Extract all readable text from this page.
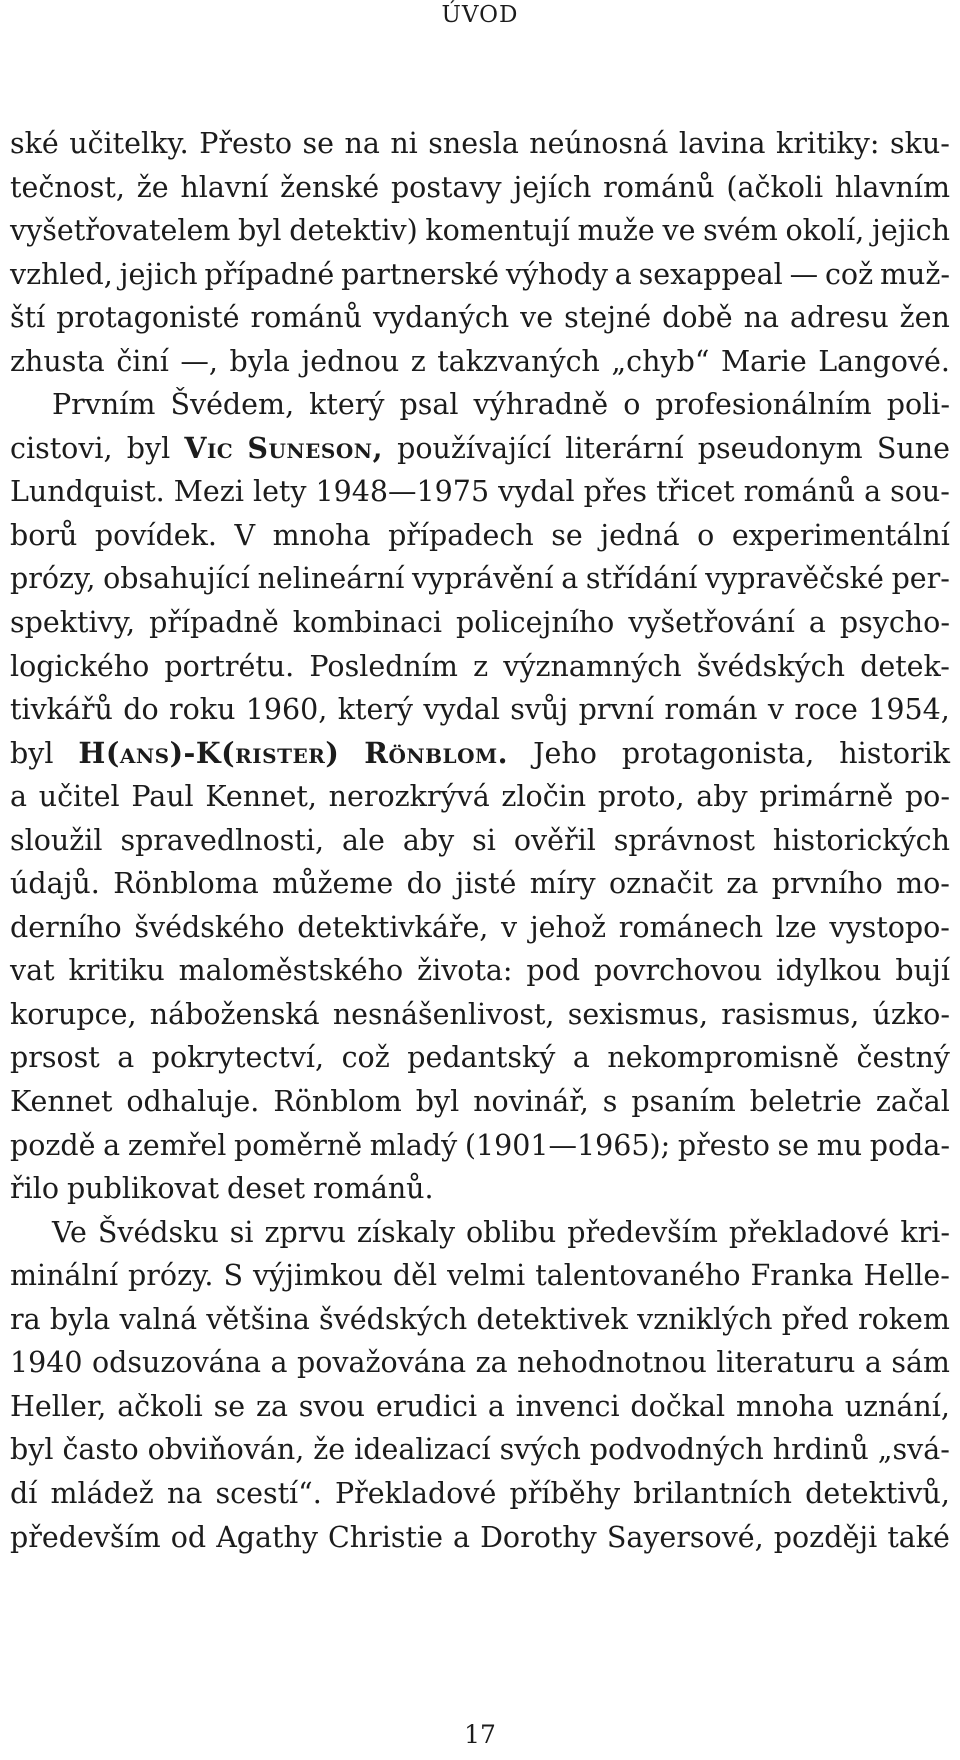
ÚVOD
ské učitelky. Přesto se na ni snesla neúnosná lavina kritiky: sku-
tečnost, že hlavní ženské postavy jejích románů (ačkoli hlavním
vyšetřovatelem byl detektiv) komentují muže ve svém okolí, jejich
vzhled, jejich případné partnerské výhody a sexappeal — což muž-
ští protagonisté románů vydaných ve stejné době na adresu žen
zhusta činí —, byla jednou z takzvaných „chyb“ Marie Langové.
Prvním Švédem, který psal výhradně o profesionálním poli-
cistovi, byl Vic Suneson, používající literární pseudonym Sune
Lundquist. Mezi lety 1948—1975 vydal přes třicet románů a sou-
borů povídek. V mnoha případech se jedná o experimentální
prózy, obsahující nelineární vyprávění a střídání vypravěčské per-
spektivy, případně kombinaci policejního vyšetřování a psycho-
logického portrétu. Posledním z významných švédských detek-
tivkářů do roku 1960, který vydal svůj první román v roce 1954,
byl H(ans)-K(rister) Rönblom. Jeho protagonista, historik
a učitel Paul Kennet, nerozkrývá zločin proto, aby primárně po-
sloužil spravedlnosti, ale aby si ověřil správnost historických
údajů. Rönbloma můžeme do jisté míry označit za prvního mo-
derního švédského detektivkáře, v jehož románech lze vystopo-
vat kritiku maloměstského života: pod povrchovou idylkou bují
korupce, náboženská nesnášenlivost, sexismus, rasismus, úzko-
prsost a pokrytectví, což pedantský a nekompromisně čestný
Kennet odhaluje. Rönblom byl novinář, s psaním beletrie začal
pozdě a zemřel poměrně mladý (1901—1965); přesto se mu poda-
řilo publikovat deset románů.
Ve Švédsku si zprvu získaly oblibu především překladové kri-
minální prózy. S výjimkou děl velmi talentovaného Franka Helle-
ra byla valná většina švédských detektivek vzniklých před rokem
1940 odsuzována a považována za nehodnotnou literaturu a sám
Heller, ačkoli se za svou erudici a invenci dočkal mnoha uznání,
byl často obviňován, že idealizací svých podvodných hrdinů „svá-
dí mládež na scestí“. Překladové příběhy brilantních detektivů,
především od Agathy Christie a Dorothy Sayersové, později také
17
